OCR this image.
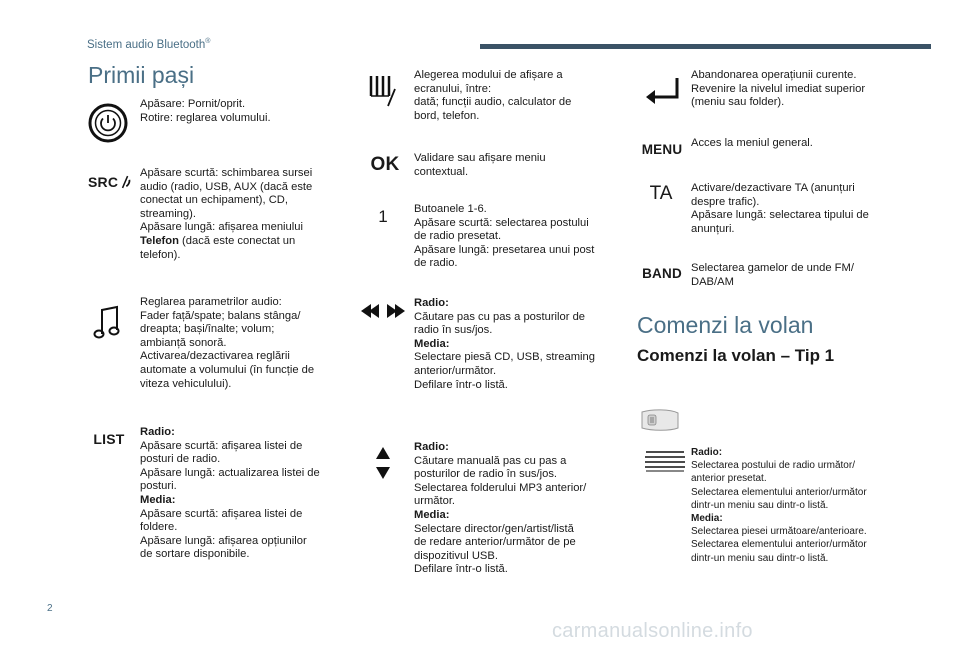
Sistem audio Bluetooth®
Primii pași
Apăsare: Pornit/oprit.
Rotire: reglarea volumului.
SRC
Apăsare scurtă: schimbarea sursei
audio (radio, USB, AUX (dacă este
conectat un echipament), CD,
streaming).
Apăsare lungă: afișarea meniului
Telefon (dacă este conectat un
telefon).
Reglarea parametrilor audio:
Fader față/spate; balans stânga/
dreapta; bași/înalte; volum;
ambianță sonoră.
Activarea/dezactivarea reglării
automate a volumului (în funcție de
viteza vehiculului).
LIST Radio:
Apăsare scurtă: afișarea listei de
posturi de radio.
Apăsare lungă: actualizarea listei de
posturi.
Media:
Apăsare scurtă: afișarea listei de
foldere.
Apăsare lungă: afișarea opțiunilor
de sortare disponibile.
Alegerea modului de afișare a
ecranului, între:
dată; funcții audio, calculator de
bord, telefon.
OK Validare sau afișare meniu
contextual.
1 Butoanele 1-6.
Apăsare scurtă: selectarea postului
de radio presetat.
Apăsare lungă: presetarea unui post
de radio.
Radio:
Căutare pas cu pas a posturilor de
radio în sus/jos.
Media:
Selectare piesă CD, USB, streaming
anterior/următor.
Defilare într-o listă.
Radio:
Căutare manuală pas cu pas a
posturilor de radio în sus/jos.
Selectarea folderului MP3 anterior/
următor.
Media:
Selectare director/gen/artist/listă
de redare anterior/următor de pe
dispozitivul USB.
Defilare într-o listă.
Abandonarea operațiunii curente.
Revenire la nivelul imediat superior
(meniu sau folder).
MENU Acces la meniul general.
TA Activare/dezactivare TA (anunțuri
despre trafic).
Apăsare lungă: selectarea tipului de
anunțuri.
BAND Selectarea gamelor de unde FM/
DAB/AM
Comenzi la volan
Comenzi la volan – Tip 1
Radio:
Selectarea postului de radio următor/
anterior presetat.
Selectarea elementului anterior/următor
dintr-un meniu sau dintr-o listă.
Media:
Selectarea piesei următoare/anterioare.
Selectarea elementului anterior/următor
dintr-un meniu sau dintr-o listă.
2
carmanualsonline.info
